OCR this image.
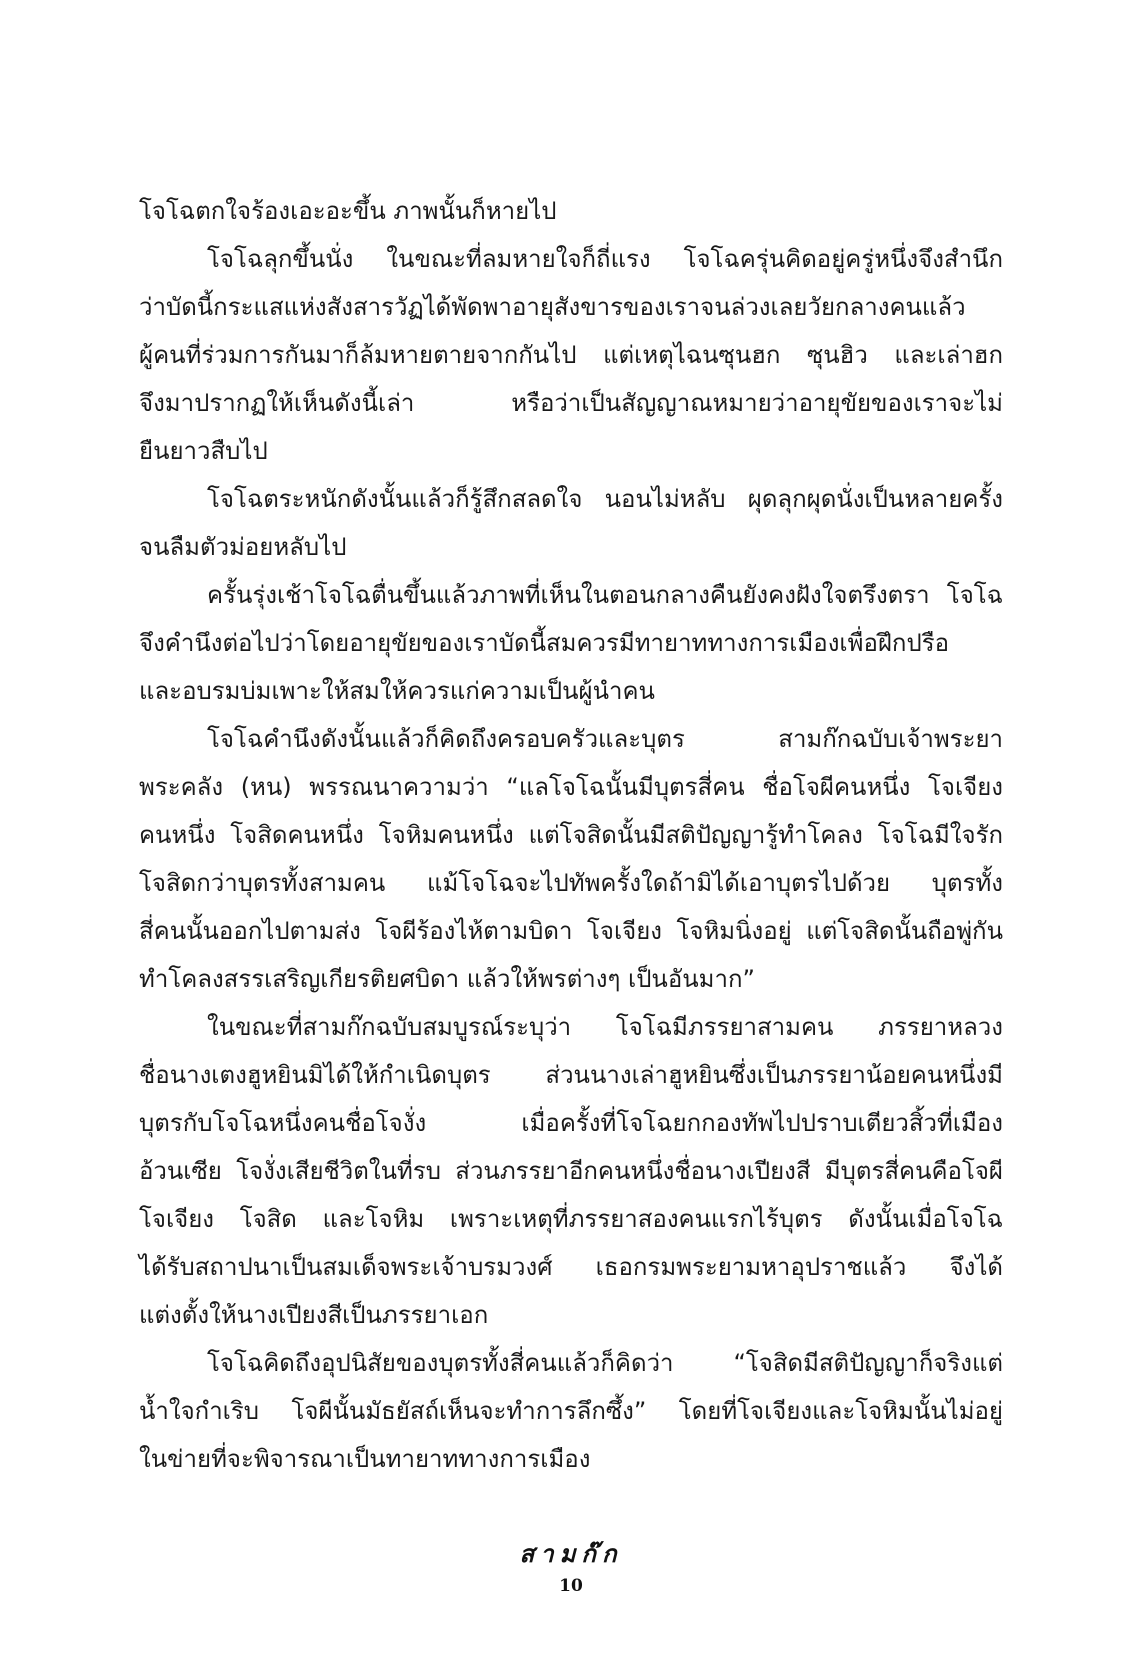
โจโฉตกใจร้องเอะอะขึ้น ภาพนั้นก็หายไป
โจโฉลุกขึ้นนั่ง ในขณะที่ลมหายใจก็ถี่แรง โจโฉครุ่นคิดอยู่ครู่หนึ่งจึงสำนึก
ว่าบัดนี้กระแสแห่งสังสารวัฏได้พัดพาอายุสังขารของเราจนล่วงเลยวัยกลางคนแล้ว
ผู้คนที่ร่วมการกันมาก็ล้มหายตายจากกันไป แต่เหตุไฉนซุนฮก ซุนฮิว และเล่าฮก
จึงมาปรากฏให้เห็นดังนี้เล่า หรือว่าเป็นสัญญาณหมายว่าอายุขัยของเราจะไม่
ยืนยาวสืบไป
โจโฉตระหนักดังนั้นแล้วก็รู้สึกสลดใจ นอนไม่หลับ ผุดลุกผุดนั่งเป็นหลายครั้ง
จนลืมตัวม่อยหลับไป
ครั้นรุ่งเช้าโจโฉตื่นขึ้นแล้วภาพที่เห็นในตอนกลางคืนยังคงฝังใจตรึงตรา โจโฉ
จึงคำนึงต่อไปว่าโดยอายุขัยของเราบัดนี้สมควรมีทายาททางการเมืองเพื่อฝึกปรือ
และอบรมบ่มเพาะให้สมให้ควรแก่ความเป็นผู้นำคน
โจโฉคำนึงดังนั้นแล้วก็คิดถึงครอบครัวและบุตร สามก๊กฉบับเจ้าพระยา
พระคลัง (หน) พรรณนาความว่า “แลโจโฉนั้นมีบุตรสี่คน ชื่อโจผีคนหนึ่ง โจเจียง
คนหนึ่ง โจสิดคนหนึ่ง โจหิมคนหนึ่ง แต่โจสิดนั้นมีสติปัญญารู้ทำโคลง โจโฉมีใจรัก
โจสิดกว่าบุตรทั้งสามคน แม้โจโฉจะไปทัพครั้งใดถ้ามิได้เอาบุตรไปด้วย บุตรทั้ง
สี่คนนั้นออกไปตามส่ง โจผีร้องไห้ตามบิดา โจเจียง โจหิมนิ่งอยู่ แต่โจสิดนั้นถือพู่กัน
ทำโคลงสรรเสริญเกียรติยศบิดา แล้วให้พรต่างๆ เป็นอันมาก”
ในขณะที่สามก๊กฉบับสมบูรณ์ระบุว่า โจโฉมีภรรยาสามคน ภรรยาหลวง
ชื่อนางเตงฮูหยินมิได้ให้กำเนิดบุตร ส่วนนางเล่าฮูหยินซึ่งเป็นภรรยาน้อยคนหนึ่งมี
บุตรกับโจโฉหนึ่งคนชื่อโจงั่ง เมื่อครั้งที่โจโฉยกกองทัพไปปราบเตียวสิ้วที่เมือง
อ้วนเซีย โจงั่งเสียชีวิตในที่รบ ส่วนภรรยาอีกคนหนึ่งชื่อนางเปียงสี มีบุตรสี่คนคือโจผี
โจเจียง โจสิด และโจหิม เพราะเหตุที่ภรรยาสองคนแรกไร้บุตร ดังนั้นเมื่อโจโฉ
ได้รับสถาปนาเป็นสมเด็จพระเจ้าบรมวงศ์ เธอกรมพระยามหาอุปราชแล้ว จึงได้
แต่งตั้งให้นางเปียงสีเป็นภรรยาเอก
โจโฉคิดถึงอุปนิสัยของบุตรทั้งสี่คนแล้วก็คิดว่า “โจสิดมีสติปัญญาก็จริงแต่
น้ำใจกำเริบ โจผีนั้นมัธยัสถ์เห็นจะทำการลึกซึ้ง” โดยที่โจเจียงและโจหิมนั้นไม่อยู่
ในข่ายที่จะพิจารณาเป็นทายาททางการเมือง
สามก๊ก
10
